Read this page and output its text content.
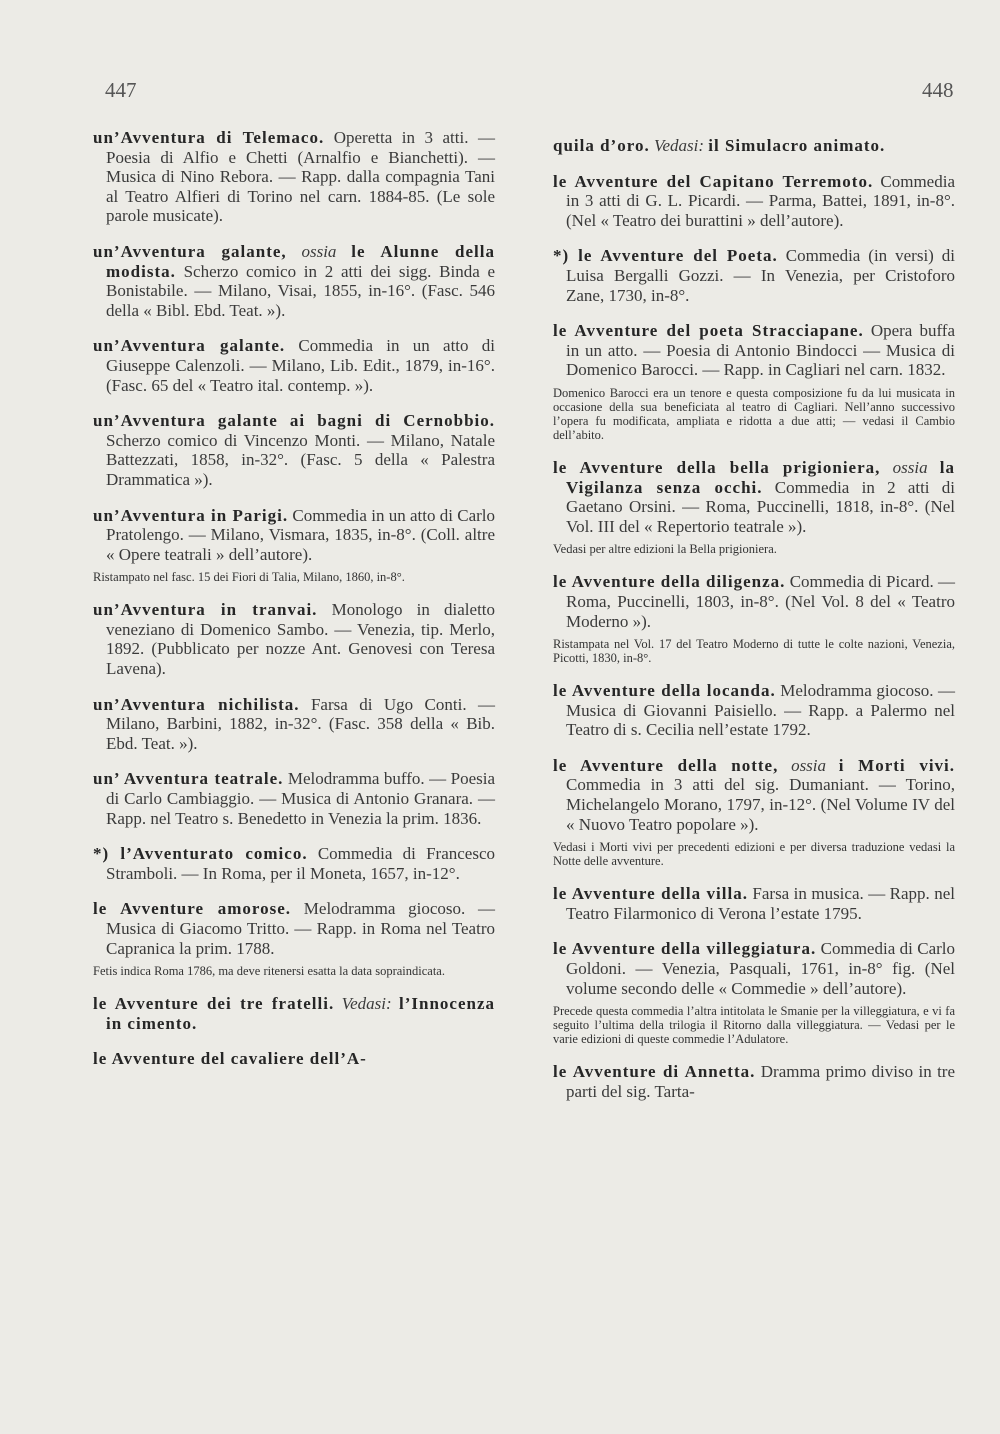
447	448

un’Avventura di Telemaco. Operetta in 3 atti. — Poesia di Alfio e Chetti (Arnalfio e Bianchetti). — Musica di Nino Rebora. — Rapp. dalla compagnia Tani al Teatro Alfieri di Torino nel carn. 1884-85. (Le sole parole musicate).

un’Avventura galante, ossia le Alunne della modista. Scherzo comico in 2 atti dei sigg. Binda e Bonistabile. — Milano, Visai, 1855, in-16°. (Fasc. 546 della « Bibl. Ebd. Teat. »).

un’Avventura galante. Commedia in un atto di Giuseppe Calenzoli. — Milano, Lib. Edit., 1879, in-16°. (Fasc. 65 del « Teatro ital. contemp. »).

un’Avventura galante ai bagni di Cernobbio. Scherzo comico di Vincenzo Monti. — Milano, Natale Battezzati, 1858, in-32°. (Fasc. 5 della « Palestra Drammatica »).

un’Avventura in Parigi. Commedia in un atto di Carlo Pratolengo. — Milano, Vismara, 1835, in-8°. (Coll. altre « Opere teatrali » dell’autore).

Ristampato nel fasc. 15 dei Fiori di Talia, Milano, 1860, in-8°.

un’Avventura in tranvai. Monologo in dialetto veneziano di Domenico Sambo. — Venezia, tip. Merlo, 1892. (Pubblicato per nozze Ant. Genovesi con Teresa Lavena).

un’Avventura nichilista. Farsa di Ugo Conti. — Milano, Barbini, 1882, in-32°. (Fasc. 358 della « Bib. Ebd. Teat. »).

un’ Avventura teatrale. Melodramma buffo. — Poesia di Carlo Cambiaggio. — Musica di Antonio Granara. — Rapp. nel Teatro s. Benedetto in Venezia la prim. 1836.

*) l’Avventurato comico. Commedia di Francesco Stramboli. — In Roma, per il Moneta, 1657, in-12°.

le Avventure amorose. Melodramma giocoso. — Musica di Giacomo Tritto. — Rapp. in Roma nel Teatro Capranica la prim. 1788.

Fetis indica Roma 1786, ma deve ritenersi esatta la data sopraindicata.

le Avventure dei tre fratelli. Vedasi: l’Innocenza in cimento.

le Avventure del cavaliere dell’A-

quila d’oro. Vedasi: il Simulacro animato.

le Avventure del Capitano Terremoto. Commedia in 3 atti di G. L. Picardi. — Parma, Battei, 1891, in-8°. (Nel « Teatro dei burattini » dell’autore).

*) le Avventure del Poeta. Commedia (in versi) di Luisa Bergalli Gozzi. — In Venezia, per Cristoforo Zane, 1730, in-8°.

le Avventure del poeta Stracciapane. Opera buffa in un atto. — Poesia di Antonio Bindocci — Musica di Domenico Barocci. — Rapp. in Cagliari nel carn. 1832.

Domenico Barocci era un tenore e questa composizione fu da lui musicata in occasione della sua beneficiata al teatro di Cagliari. Nell’anno successivo l’opera fu modificata, ampliata e ridotta a due atti; — vedasi il Cambio dell’abito.

le Avventure della bella prigioniera, ossia la Vigilanza senza occhi. Commedia in 2 atti di Gaetano Orsini. — Roma, Puccinelli, 1818, in-8°. (Nel Vol. III del « Repertorio teatrale »).

Vedasi per altre edizioni la Bella prigioniera.

le Avventure della diligenza. Commedia di Picard. — Roma, Puccinelli, 1803, in-8°. (Nel Vol. 8 del « Teatro Moderno »).

Ristampata nel Vol. 17 del Teatro Moderno di tutte le colte nazioni, Venezia, Picotti, 1830, in-8°.

le Avventure della locanda. Melodramma giocoso. — Musica di Giovanni Paisiello. — Rapp. a Palermo nel Teatro di s. Cecilia nell’estate 1792.

le Avventure della notte, ossia i Morti vivi. Commedia in 3 atti del sig. Dumaniant. — Torino, Michelangelo Morano, 1797, in-12°. (Nel Volume IV del « Nuovo Teatro popolare »).

Vedasi i Morti vivi per precedenti edizioni e per diversa traduzione vedasi la Notte delle avventure.

le Avventure della villa. Farsa in musica. — Rapp. nel Teatro Filarmonico di Verona l’estate 1795.

le Avventure della villeggiatura. Commedia di Carlo Goldoni. — Venezia, Pasquali, 1761, in-8° fig. (Nel volume secondo delle « Commedie » dell’autore).

Precede questa commedia l’altra intitolata le Smanie per la villeggiatura, e vi fa seguito l’ultima della trilogia il Ritorno dalla villeggiatura. — Vedasi per le varie edizioni di queste commedie l’Adulatore.

le Avventure di Annetta. Dramma primo diviso in tre parti del sig. Tarta-
